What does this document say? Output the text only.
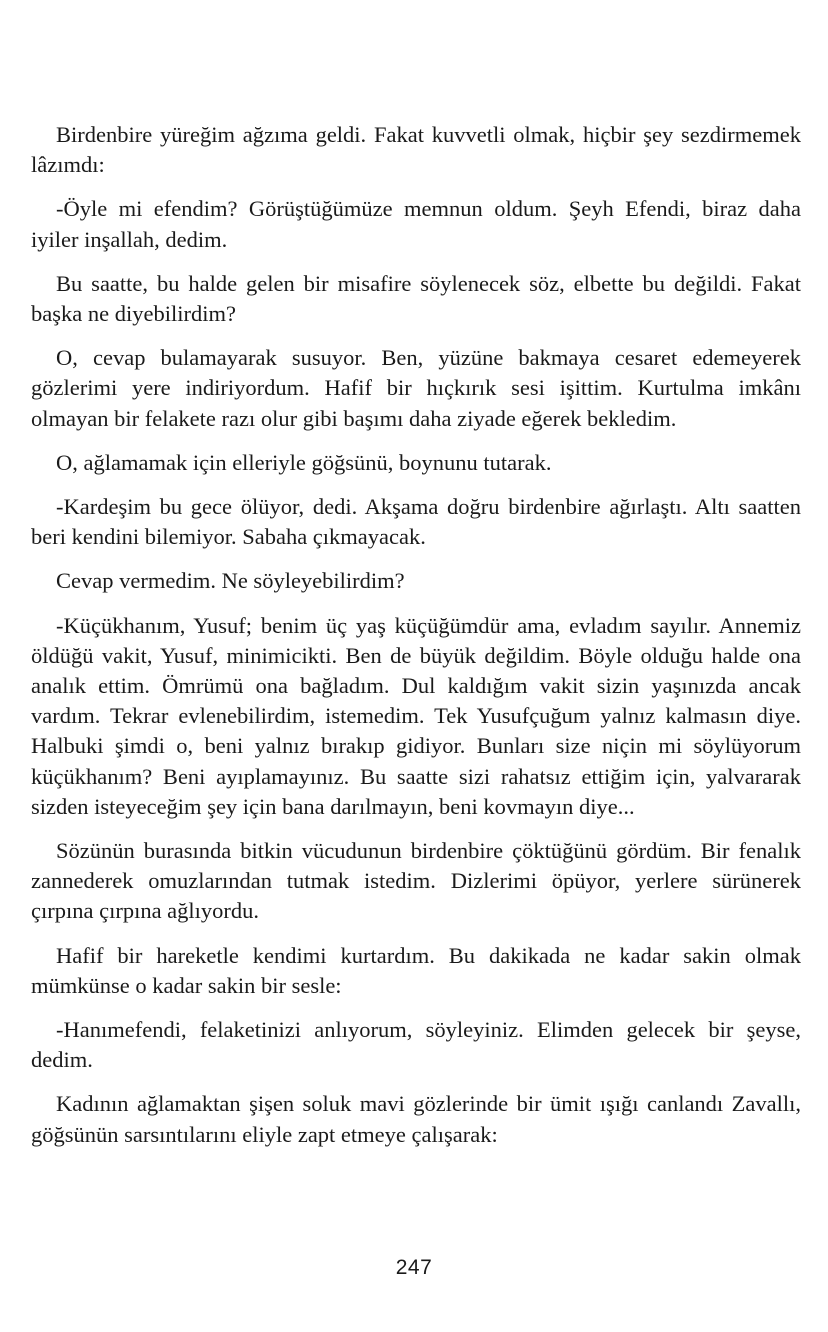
Birdenbire yüreğim ağzıma geldi. Fakat kuvvetli olmak, hiçbir şey sezdirmemek lâzımdı:

-Öyle mi efendim? Görüştüğümüze memnun oldum. Şeyh Efendi, biraz daha iyiler inşallah, dedim.

Bu saatte, bu halde gelen bir misafire söylenecek söz, elbette bu değildi. Fakat başka ne diyebilirdim?

O, cevap bulamayarak susuyor. Ben, yüzüne bakmaya cesaret edemeyerek gözlerimi yere indiriyordum. Hafif bir hıçkırık sesi işittim. Kurtulma imkânı olmayan bir felakete razı olur gibi başımı daha ziyade eğerek bekledim.

O, ağlamamak için elleriyle göğsünü, boynunu tutarak.

-Kardeşim bu gece ölüyor, dedi. Akşama doğru birdenbire ağırlaştı. Altı saatten beri kendini bilemiyor. Sabaha çıkmayacak.

Cevap vermedim. Ne söyleyebilirdim?

-Küçükhanım, Yusuf; benim üç yaş küçüğümdür ama, evladım sayılır. Annemiz öldüğü vakit, Yusuf, minimicikti. Ben de büyük değildim. Böyle olduğu halde ona analık ettim. Ömrümü ona bağladım. Dul kaldığım vakit sizin yaşınızda ancak vardım. Tekrar evlenebilirdim, istemedim. Tek Yusufçuğum yalnız kalmasın diye. Halbuki şimdi o, beni yalnız bırakıp gidiyor. Bunları size niçin mi söylüyorum küçükhanım? Beni ayıplamayınız. Bu saatte sizi rahatsız ettiğim için, yalvararak sizden isteyeceğim şey için bana darılmayın, beni kovmayın diye...

Sözünün burasında bitkin vücudunun birdenbire çöktüğünü gördüm. Bir fenalık zannederek omuzlarından tutmak istedim. Dizlerimi öpüyor, yerlere sürünerek çırpına çırpına ağlıyordu.

Hafif bir hareketle kendimi kurtardım. Bu dakikada ne kadar sakin olmak mümkünse o kadar sakin bir sesle:

-Hanımefendi, felaketinizi anlıyorum, söyleyiniz. Elimden gelecek bir şeyse, dedim.

Kadının ağlamaktan şişen soluk mavi gözlerinde bir ümit ışığı canlandı Zavallı, göğsünün sarsıntılarını eliyle zapt etmeye çalışarak:

247
